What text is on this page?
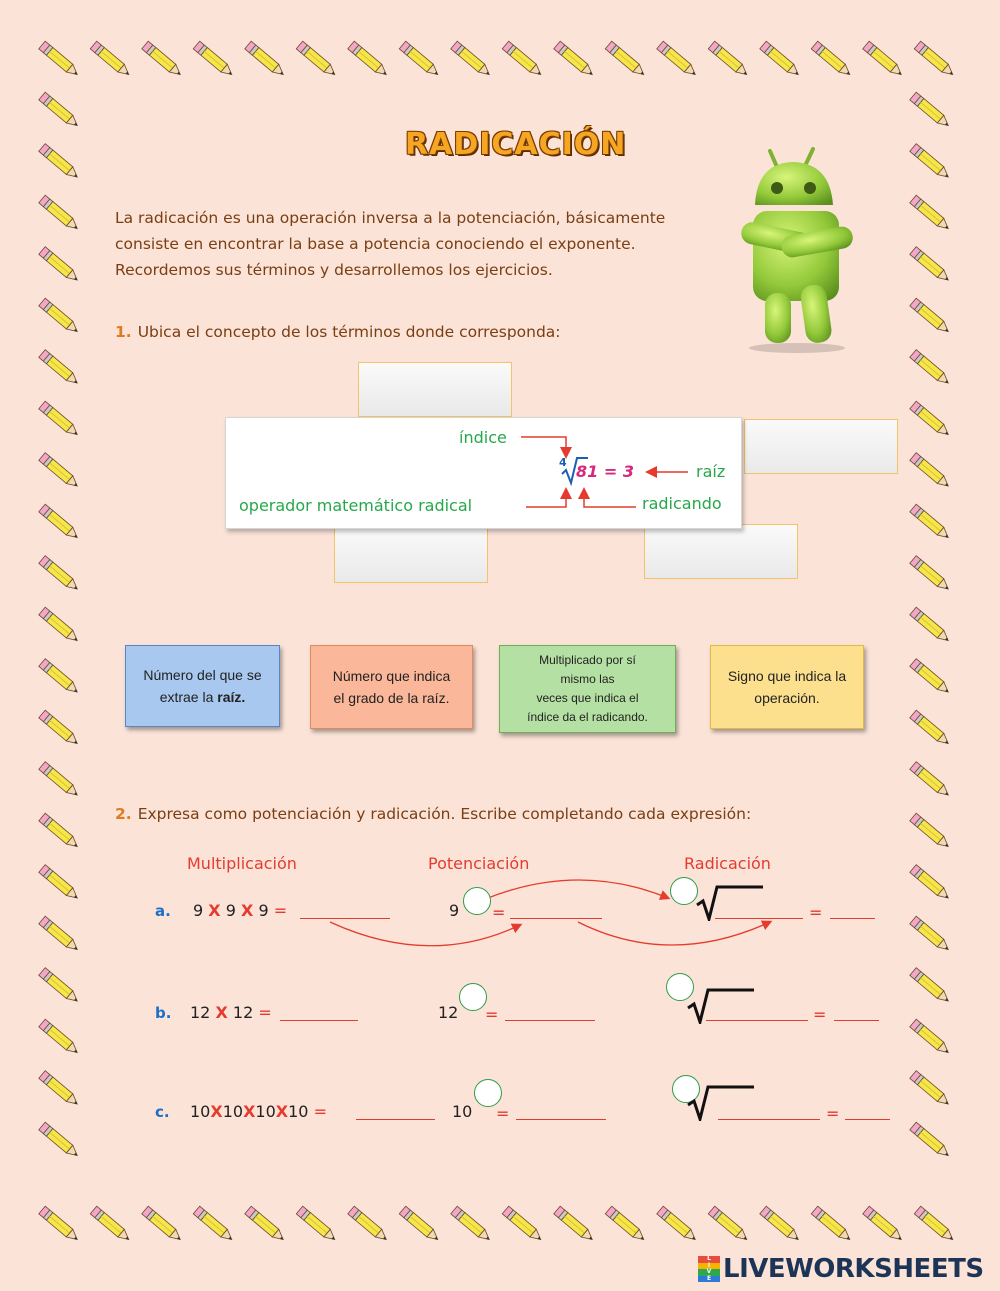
RADICACIÓN
La radicación es una operación inversa a la potenciación, básicamente
consiste en encontrar la base a potencia conociendo el exponente.
Recordemos sus términos y desarrollemos los ejercicios.
1. Ubica el concepto de los términos donde corresponda:
índice
raíz
radicando
operador matemático radical
4 81 = 3
Número del que se
extrae la raíz.
Número que indica
el grado de la raíz.
Multiplicado por sí
mismo las
veces que indica el
índice da el radicando.
Signo que indica la
operación.
2. Expresa como potenciación y radicación. Escribe completando cada expresión:
Multiplicación	Potenciación	Radicación
a. 9 X 9 X 9 =	9 =	=
b. 12 X 12 =	12 =	=
c. 10X10X10X10 =	10 =	=
L
I
V
E LIVEWORKSHEETS
